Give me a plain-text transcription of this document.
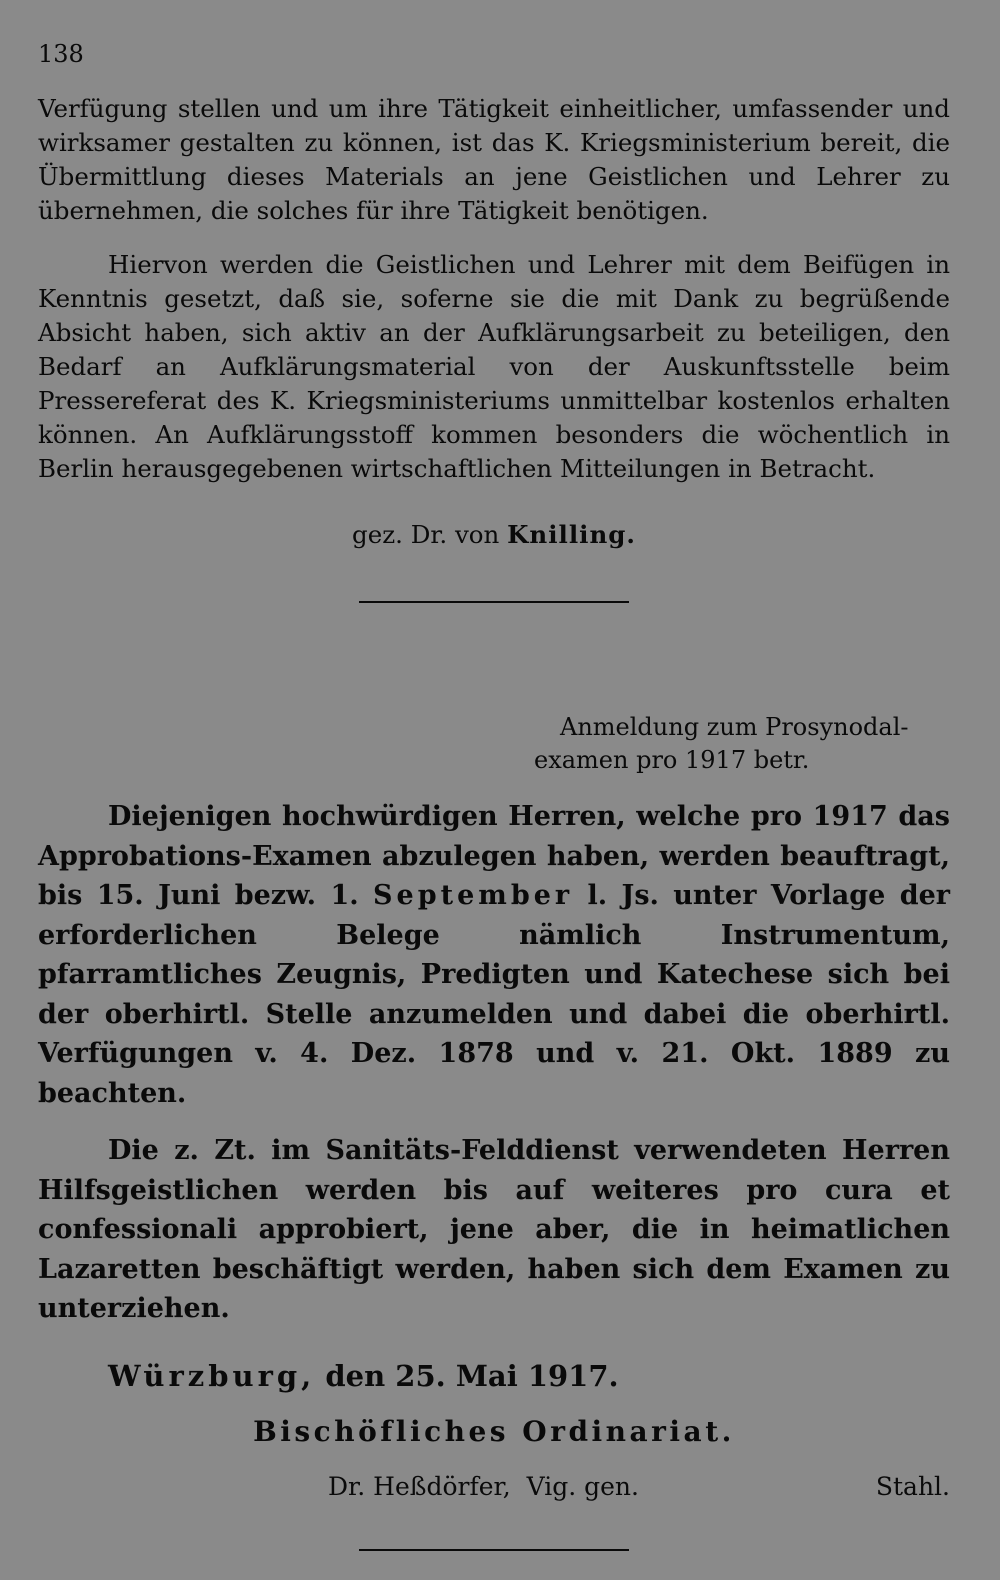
138

Verfügung stellen und um ihre Tätigkeit einheitlicher, umfassender und wirksamer gestalten zu können, ist das K. Kriegsministerium bereit, die Übermittlung dieses Materials an jene Geistlichen und Lehrer zu übernehmen, die solches für ihre Tätigkeit benötigen.

Hiervon werden die Geistlichen und Lehrer mit dem Beifügen in Kenntnis gesetzt, daß sie, soferne sie die mit Dank zu begrüßende Absicht haben, sich aktiv an der Aufklärungsarbeit zu beteiligen, den Bedarf an Aufklärungsmaterial von der Auskunftsstelle beim Pressereferat des K. Kriegsministeriums unmittelbar kostenlos erhalten können. An Aufklärungsstoff kommen besonders die wöchentlich in Berlin herausgegebenen wirtschaftlichen Mitteilungen in Betracht.

gez. Dr. von Knilling.
Anmeldung zum Prosynodal-
examen pro 1917 betr.

Diejenigen hochwürdigen Herren, welche pro 1917 das Approbations-Examen abzulegen haben, werden beauftragt, bis 15. Juni bezw. 1. September l. Js. unter Vorlage der erforderlichen Belege nämlich Instrumentum, pfarramtliches Zeugnis, Predigten und Katechese sich bei der oberhirtl. Stelle anzumelden und dabei die oberhirtl. Verfügungen v. 4. Dez. 1878 und v. 21. Okt. 1889 zu beachten.

Die z. Zt. im Sanitäts-Felddienst verwendeten Herren Hilfsgeistlichen werden bis auf weiteres pro cura et confessionali approbiert, jene aber, die in heimatlichen Lazaretten beschäftigt werden, haben sich dem Examen zu unterziehen.

Würzburg, den 25. Mai 1917.
Bischöfliches Ordinariat.
Dr. Heßdörfer, Vig. gen.	Stahl.
